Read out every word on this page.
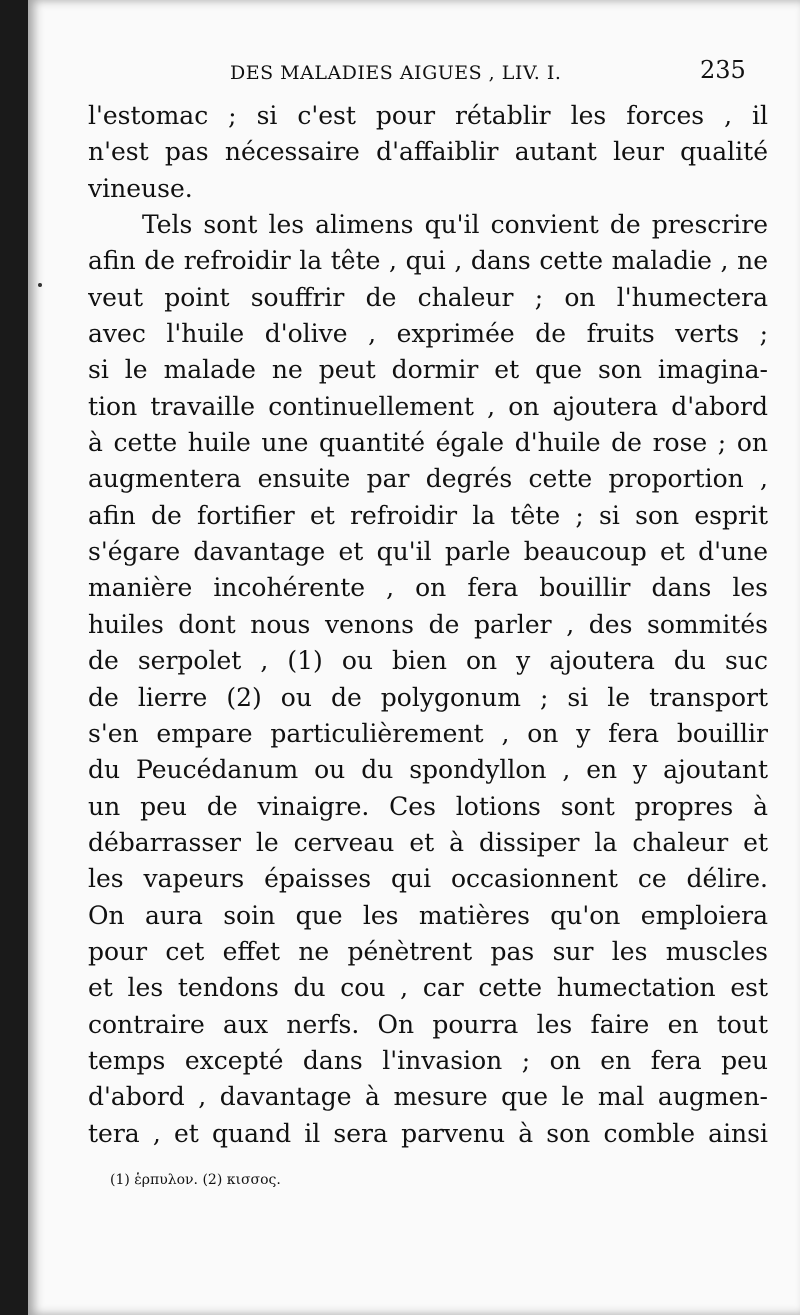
DES MALADIES AIGUES , LIV. I.	235
l'estomac ; si c'est pour rétablir les forces , il
n'est pas nécessaire d'affaiblir autant leur qualité
vineuse.
Tels sont les alimens qu'il convient de prescrire
afin de refroidir la tête , qui , dans cette maladie , ne
veut point souffrir de chaleur ; on l'humectera
avec l'huile d'olive , exprimée de fruits verts ;
si le malade ne peut dormir et que son imagina-
tion travaille continuellement , on ajoutera d'abord
à cette huile une quantité égale d'huile de rose ; on
augmentera ensuite par degrés cette proportion ,
afin de fortifier et refroidir la tête ; si son esprit
s'égare davantage et qu'il parle beaucoup et d'une
manière incohérente , on fera bouillir dans les
huiles dont nous venons de parler , des sommités
de serpolet , (1) ou bien on y ajoutera du suc
de lierre (2) ou de polygonum ; si le transport
s'en empare particulièrement , on y fera bouillir
du Peucédanum ou du spondyllon , en y ajoutant
un peu de vinaigre. Ces lotions sont propres à
débarrasser le cerveau et à dissiper la chaleur et
les vapeurs épaisses qui occasionnent ce délire.
On aura soin que les matières qu'on emploiera
pour cet effet ne pénètrent pas sur les muscles
et les tendons du cou , car cette humectation est
contraire aux nerfs. On pourra les faire en tout
temps excepté dans l'invasion ; on en fera peu
d'abord , davantage à mesure que le mal augmen-
tera , et quand il sera parvenu à son comble ainsi
(1) ἑρπυλον. (2) κισσος.
